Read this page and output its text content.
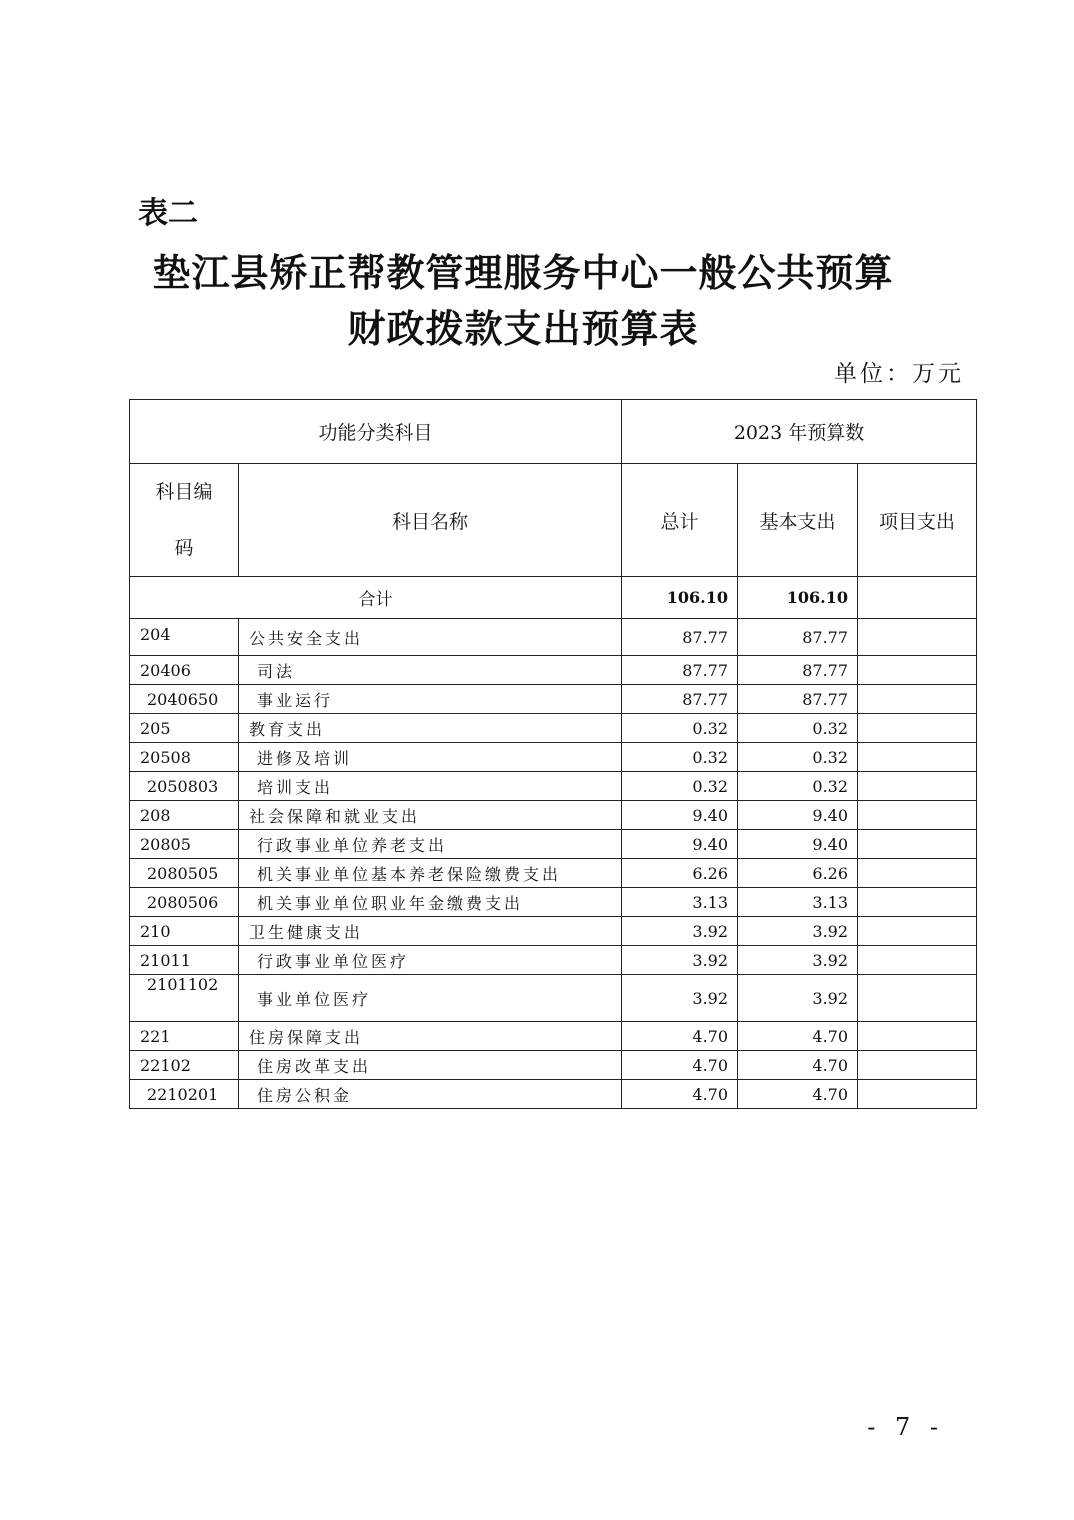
表二
垫江县矫正帮教管理服务中心一般公共预算
财政拨款支出预算表
单位：万元
功能分类科目		2023 年预算数		
科目编码	科目名称	总计	基本支出	项目支出
合计		106.10	106.10	
204	公共安全支出	87.77	87.77	
20406	司法	87.77	87.77	
2040650	事业运行	87.77	87.77	
205	教育支出	0.32	0.32	
20508	进修及培训	0.32	0.32	
2050803	培训支出	0.32	0.32	
208	社会保障和就业支出	9.40	9.40	
20805	行政事业单位养老支出	9.40	9.40	
2080505	机关事业单位基本养老保险缴费支出	6.26	6.26	
2080506	机关事业单位职业年金缴费支出	3.13	3.13	
210	卫生健康支出	3.92	3.92	
21011	行政事业单位医疗	3.92	3.92	
2101102	事业单位医疗	3.92	3.92	
221	住房保障支出	4.70	4.70	
22102	住房改革支出	4.70	4.70	
2210201	住房公积金	4.70	4.70	
- 7 -
